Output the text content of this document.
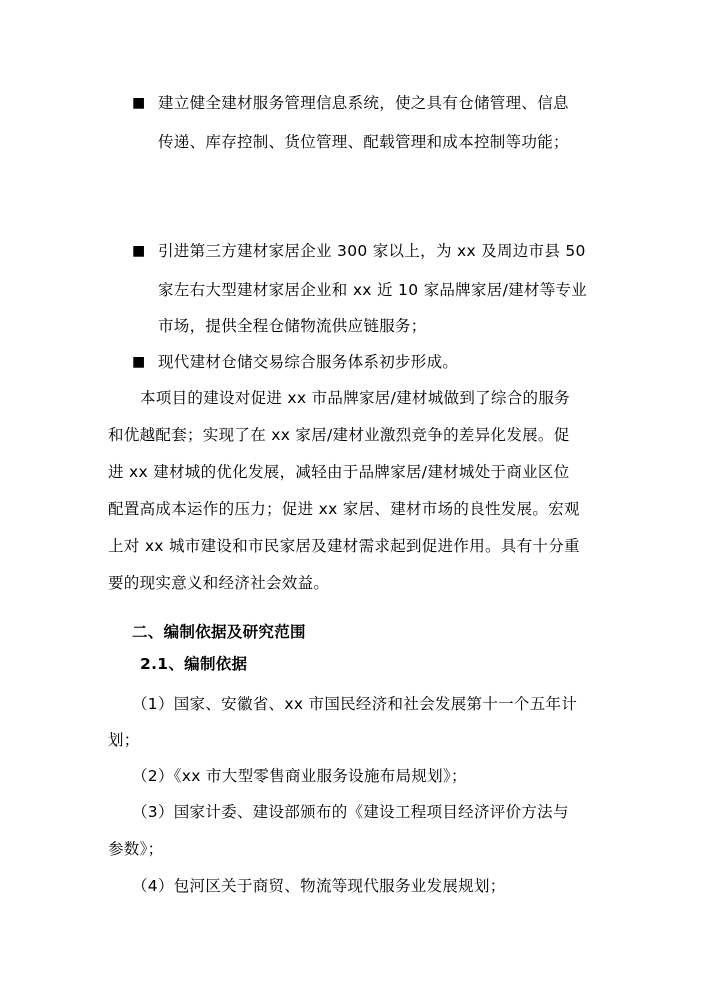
■ 建立健全建材服务管理信息系统，使之具有仓储管理、信息
传递、库存控制、货位管理、配载管理和成本控制等功能；
■ 引进第三方建材家居企业 300 家以上，为 xx 及周边市县 50
家左右大型建材家居企业和 xx 近 10 家品牌家居/建材等专业
市场，提供全程仓储物流供应链服务；
■ 现代建材仓储交易综合服务体系初步形成。
本项目的建设对促进 xx 市品牌家居/建材城做到了综合的服务
和优越配套；实现了在 xx 家居/建材业激烈竞争的差异化发展。促
进 xx 建材城的优化发展，减轻由于品牌家居/建材城处于商业区位
配置高成本运作的压力；促进 xx 家居、建材市场的良性发展。宏观
上对 xx 城市建设和市民家居及建材需求起到促进作用。具有十分重
要的现实意义和经济社会效益。
二、编制依据及研究范围
2.1、编制依据
（1）国家、安徽省、xx 市国民经济和社会发展第十一个五年计
划；
（2）《xx 市大型零售商业服务设施布局规划》；
（3）国家计委、建设部颁布的《建设工程项目经济评价方法与
参数》；
（4）包河区关于商贸、物流等现代服务业发展规划；
